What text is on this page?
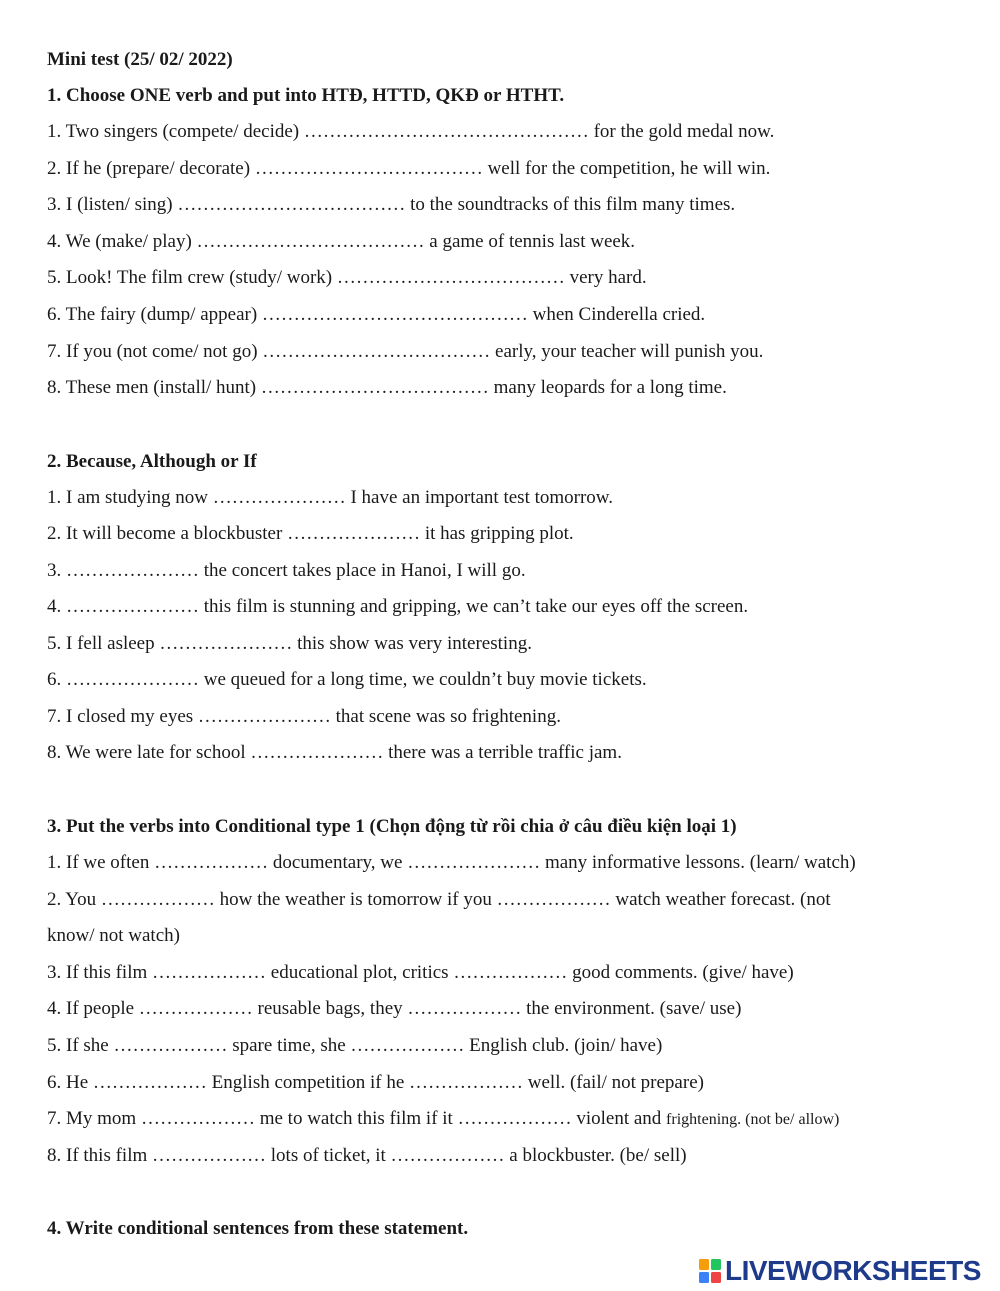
Mini test (25/ 02/ 2022)
1. Choose ONE verb and put into HTĐ, HTTD, QKĐ or HTHT.
1. Two singers (compete/ decide) ……………………………………… for the gold medal now.
2. If he (prepare/ decorate) ……………………………… well for the competition, he will win.
3. I (listen/ sing) ……………………………… to the soundtracks of this film many times.
4. We (make/ play) ……………………………… a game of tennis last week.
5. Look! The film crew (study/ work) ……………………………… very hard.
6. The fairy (dump/ appear) …………………………………… when Cinderella cried.
7. If you (not come/ not go) ……………………………… early, your teacher will punish you.
8. These men (install/ hunt) ……………………………… many leopards for a long time.
2. Because, Although or If
1. I am studying now ………………… I have an important test tomorrow.
2. It will become a blockbuster ………………… it has gripping plot.
3. ………………… the concert takes place in Hanoi, I will go.
4. ………………… this film is stunning and gripping, we can’t take our eyes off the screen.
5. I fell asleep ………………… this show was very interesting.
6. ………………… we queued for a long time, we couldn’t buy movie tickets.
7. I closed my eyes ………………… that scene was so frightening.
8. We were late for school ………………… there was a terrible traffic jam.
3. Put the verbs into Conditional type 1 (Chọn động từ rồi chia ở câu điều kiện loại 1)
1. If we often ……………… documentary, we ………………… many informative lessons. (learn/ watch)
2. You ……………… how the weather is tomorrow if you ……………… watch weather forecast. (not
know/ not watch)
3. If this film ……………… educational plot, critics ……………… good comments. (give/ have)
4. If people ……………… reusable bags, they ……………… the environment. (save/ use)
5. If she ……………… spare time, she ……………… English club. (join/ have)
6. He ……………… English competition if he ……………… well. (fail/ not prepare)
7. My mom ……………… me to watch this film if it ……………… violent and frightening. (not be/ allow)
8. If this film ……………… lots of ticket, it ……………… a blockbuster. (be/ sell)
4. Write conditional sentences from these statement.
LIVEWORKSHEETS
